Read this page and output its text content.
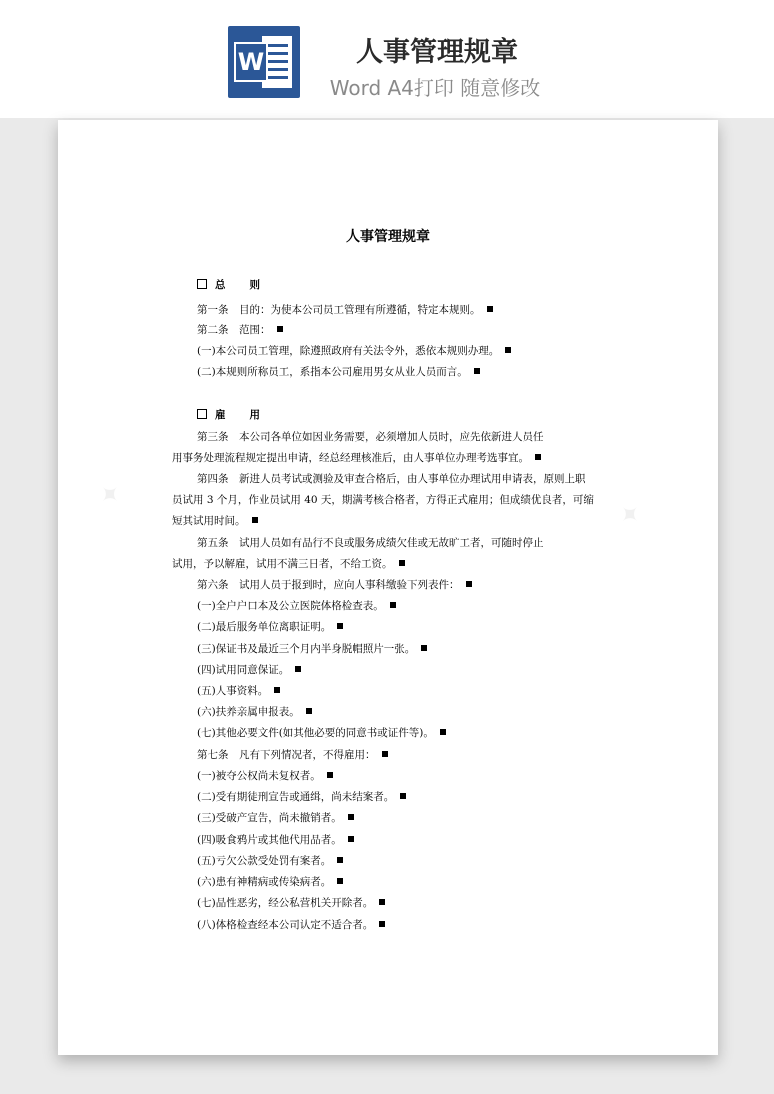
W	人事管理规章
Word A4打印 随意修改
✦
✦
人事管理规章
总　　则
第一条　目的：为使本公司员工管理有所遵循，特定本规则。
第二条　范围：
(一)本公司员工管理，除遵照政府有关法令外，悉依本规则办理。
(二)本规则所称员工，系指本公司雇用男女从业人员而言。
雇　　用
第三条　本公司各单位如因业务需要，必须增加人员时，应先依新进人员任
用事务处理流程规定提出申请，经总经理核准后，由人事单位办理考选事宜。
第四条　新进人员考试或测验及审查合格后，由人事单位办理试用申请表，原则上职
员试用 3 个月，作业员试用 40 天，期满考核合格者，方得正式雇用；但成绩优良者，可缩
短其试用时间。
第五条　试用人员如有品行不良或服务成绩欠佳或无故旷工者，可随时停止
试用，予以解雇，试用不满三日者，不给工资。
第六条　试用人员于报到时，应向人事科缴验下列表件：
(一)全户户口本及公立医院体格检查表。
(二)最后服务单位离职证明。
(三)保证书及最近三个月内半身脱帽照片一张。
(四)试用同意保证。
(五)人事资料。
(六)扶养亲属申报表。
(七)其他必要文件(如其他必要的同意书或证件等)。
第七条　凡有下列情况者，不得雇用：
(一)被夺公权尚未复权者。
(二)受有期徒刑宣告或通缉，尚未结案者。
(三)受破产宣告，尚未撤销者。
(四)吸食鸦片或其他代用品者。
(五)亏欠公款受处罚有案者。
(六)患有神精病或传染病者。
(七)品性恶劣，经公私营机关开除者。
(八)体格检查经本公司认定不适合者。
